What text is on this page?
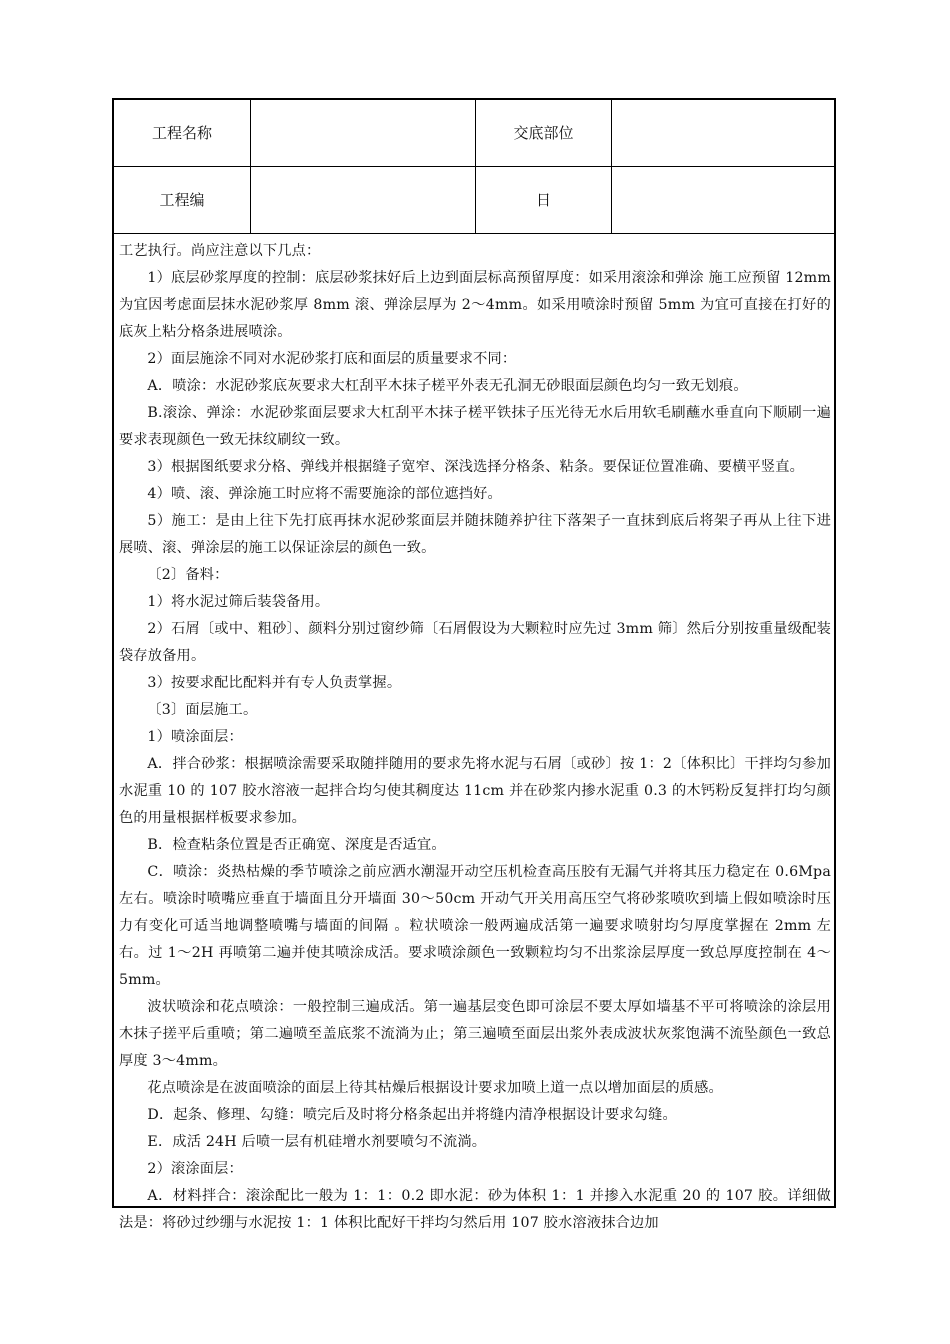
工程名称	交底部位
工程编	日

工艺执行。尚应注意以下几点：

1）底层砂浆厚度的控制：底层砂浆抹好后上边到面层标高预留厚度：如采用滚涂和弹涂 施工应预留 12mm 为宜因考虑面层抹水泥砂浆厚 8mm 滚、弹涂层厚为 2～4mm。如采用喷涂时预留 5mm 为宜可直接在打好的底灰上粘分格条进展喷涂。

2）面层施涂不同对水泥砂浆打底和面层的质量要求不同：

A．喷涂：水泥砂浆底灰要求大杠刮平木抹子槎平外表无孔洞无砂眼面层颜色均匀一致无划痕。

B.滚涂、弹涂：水泥砂浆面层要求大杠刮平木抹子槎平铁抹子压光待无水后用软毛刷蘸水垂直向下顺刷一遍要求表现颜色一致无抹纹刷纹一致。

3）根据图纸要求分格、弹线并根据缝子宽窄、深浅选择分格条、粘条。要保证位置准确、要横平竖直。

4）喷、滚、弹涂施工时应将不需要施涂的部位遮挡好。

5）施工：是由上往下先打底再抹水泥砂浆面层并随抹随养护往下落架子一直抹到底后将架子再从上往下进展喷、滚、弹涂层的施工以保证涂层的颜色一致。

〔2〕备料：

1）将水泥过筛后装袋备用。

2）石屑〔或中、粗砂〕、颜料分别过窗纱筛〔石屑假设为大颗粒时应先过 3mm 筛〕然后分别按重量级配装袋存放备用。

3）按要求配比配料并有专人负责掌握。

〔3〕面层施工。

1）喷涂面层：

A．拌合砂浆：根据喷涂需要采取随拌随用的要求先将水泥与石屑〔或砂〕按 1：2〔体积比〕干拌均匀参加水泥重 10 的 107 胶水溶液一起拌合均匀使其稠度达 11cm 并在砂浆内掺水泥重 0.3 的木钙粉反复拌打均匀颜色的用量根据样板要求参加。

B．检查粘条位置是否正确宽、深度是否适宜。

C．喷涂：炎热枯燥的季节喷涂之前应洒水潮湿开动空压机检查高压胶有无漏气并将其压力稳定在 0.6Mpa 左右。喷涂时喷嘴应垂直于墙面且分开墙面 30～50cm 开动气开关用高压空气将砂浆喷吹到墙上假如喷涂时压力有变化可适当地调整喷嘴与墙面的间隔 。粒状喷涂一般两遍成活第一遍要求喷射均匀厚度掌握在 2mm 左右。过 1～2H 再喷第二遍并使其喷涂成活。要求喷涂颜色一致颗粒均匀不出浆涂层厚度一致总厚度控制在 4～5mm。

波状喷涂和花点喷涂：一般控制三遍成活。第一遍基层变色即可涂层不要太厚如墙基不平可将喷涂的涂层用木抹子搓平后重喷；第二遍喷至盖底浆不流淌为止；第三遍喷至面层出浆外表成波状灰浆饱满不流坠颜色一致总厚度 3～4mm。

花点喷涂是在波面喷涂的面层上待其枯燥后根据设计要求加喷上道一点以增加面层的质感。

D．起条、修理、勾缝：喷完后及时将分格条起出并将缝内清净根据设计要求勾缝。

E．成活 24H 后喷一层有机硅增水剂要喷匀不流淌。

2）滚涂面层：

A．材料拌合：滚涂配比一般为 1：1：0.2 即水泥：砂为体积 1：1 并掺入水泥重 20 的 107 胶。详细做法是：将砂过纱绷与水泥按 1：1 体积比配好干拌均匀然后用 107 胶水溶液抹合边加
